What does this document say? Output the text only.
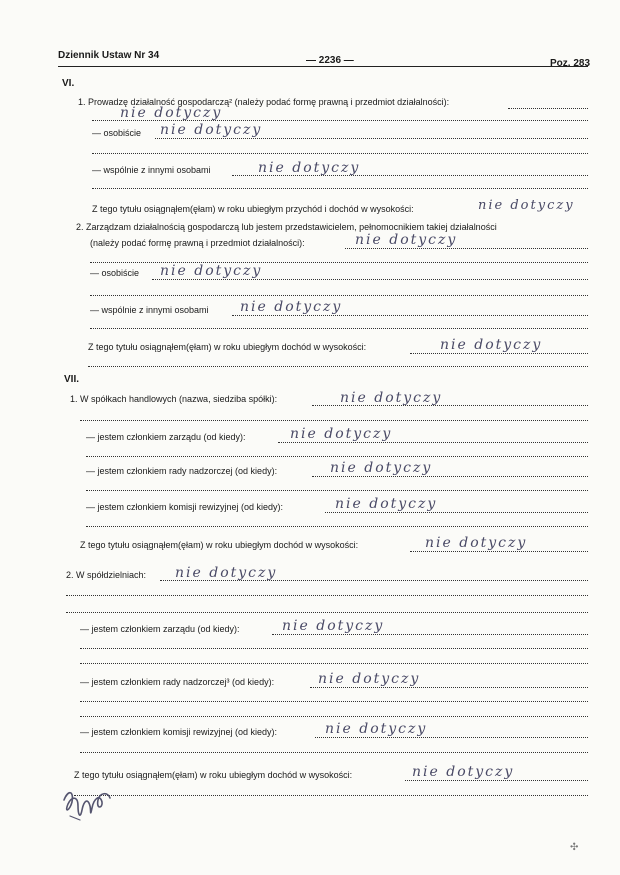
Dziennik Ustaw Nr 34	— 2236 —	Poz. 283
VI.
1. Prowadzę działalność gospodarczą² (należy podać formę prawną i przedmiot działalności):
nie dotyczy
— osobiście nie dotyczy
— wspólnie z innymi osobami	nie dotyczy
Z tego tytułu osiągnąłem(ęłam) w roku ubiegłym przychód i dochód w wysokości:	nie dotyczy
2. Zarządzam działalnością gospodarczą lub jestem przedstawicielem, pełnomocnikiem takiej działalności
(należy podać formę prawną i przedmiot działalności):	nie dotyczy
— osobiście nie dotyczy
— wspólnie z innymi osobami nie dotyczy
Z tego tytułu osiągnąłem(ęłam) w roku ubiegłym dochód w wysokości:	nie dotyczy
VII.
1. W spółkach handlowych (nazwa, siedziba spółki):	nie dotyczy
— jestem członkiem zarządu (od kiedy):	nie dotyczy
— jestem członkiem rady nadzorczej (od kiedy):	nie dotyczy
— jestem członkiem komisji rewizyjnej (od kiedy):	nie dotyczy
Z tego tytułu osiągnąłem(ęłam) w roku ubiegłym dochód w wysokości:	nie dotyczy
2. W spółdzielniach: nie dotyczy
— jestem członkiem zarządu (od kiedy):	nie dotyczy
— jestem członkiem rady nadzorczej³ (od kiedy):	nie dotyczy
— jestem członkiem komisji rewizyjnej (od kiedy):	nie dotyczy
Z tego tytułu osiągnąłem(ęłam) w roku ubiegłym dochód w wysokości:	nie dotyczy
✣
